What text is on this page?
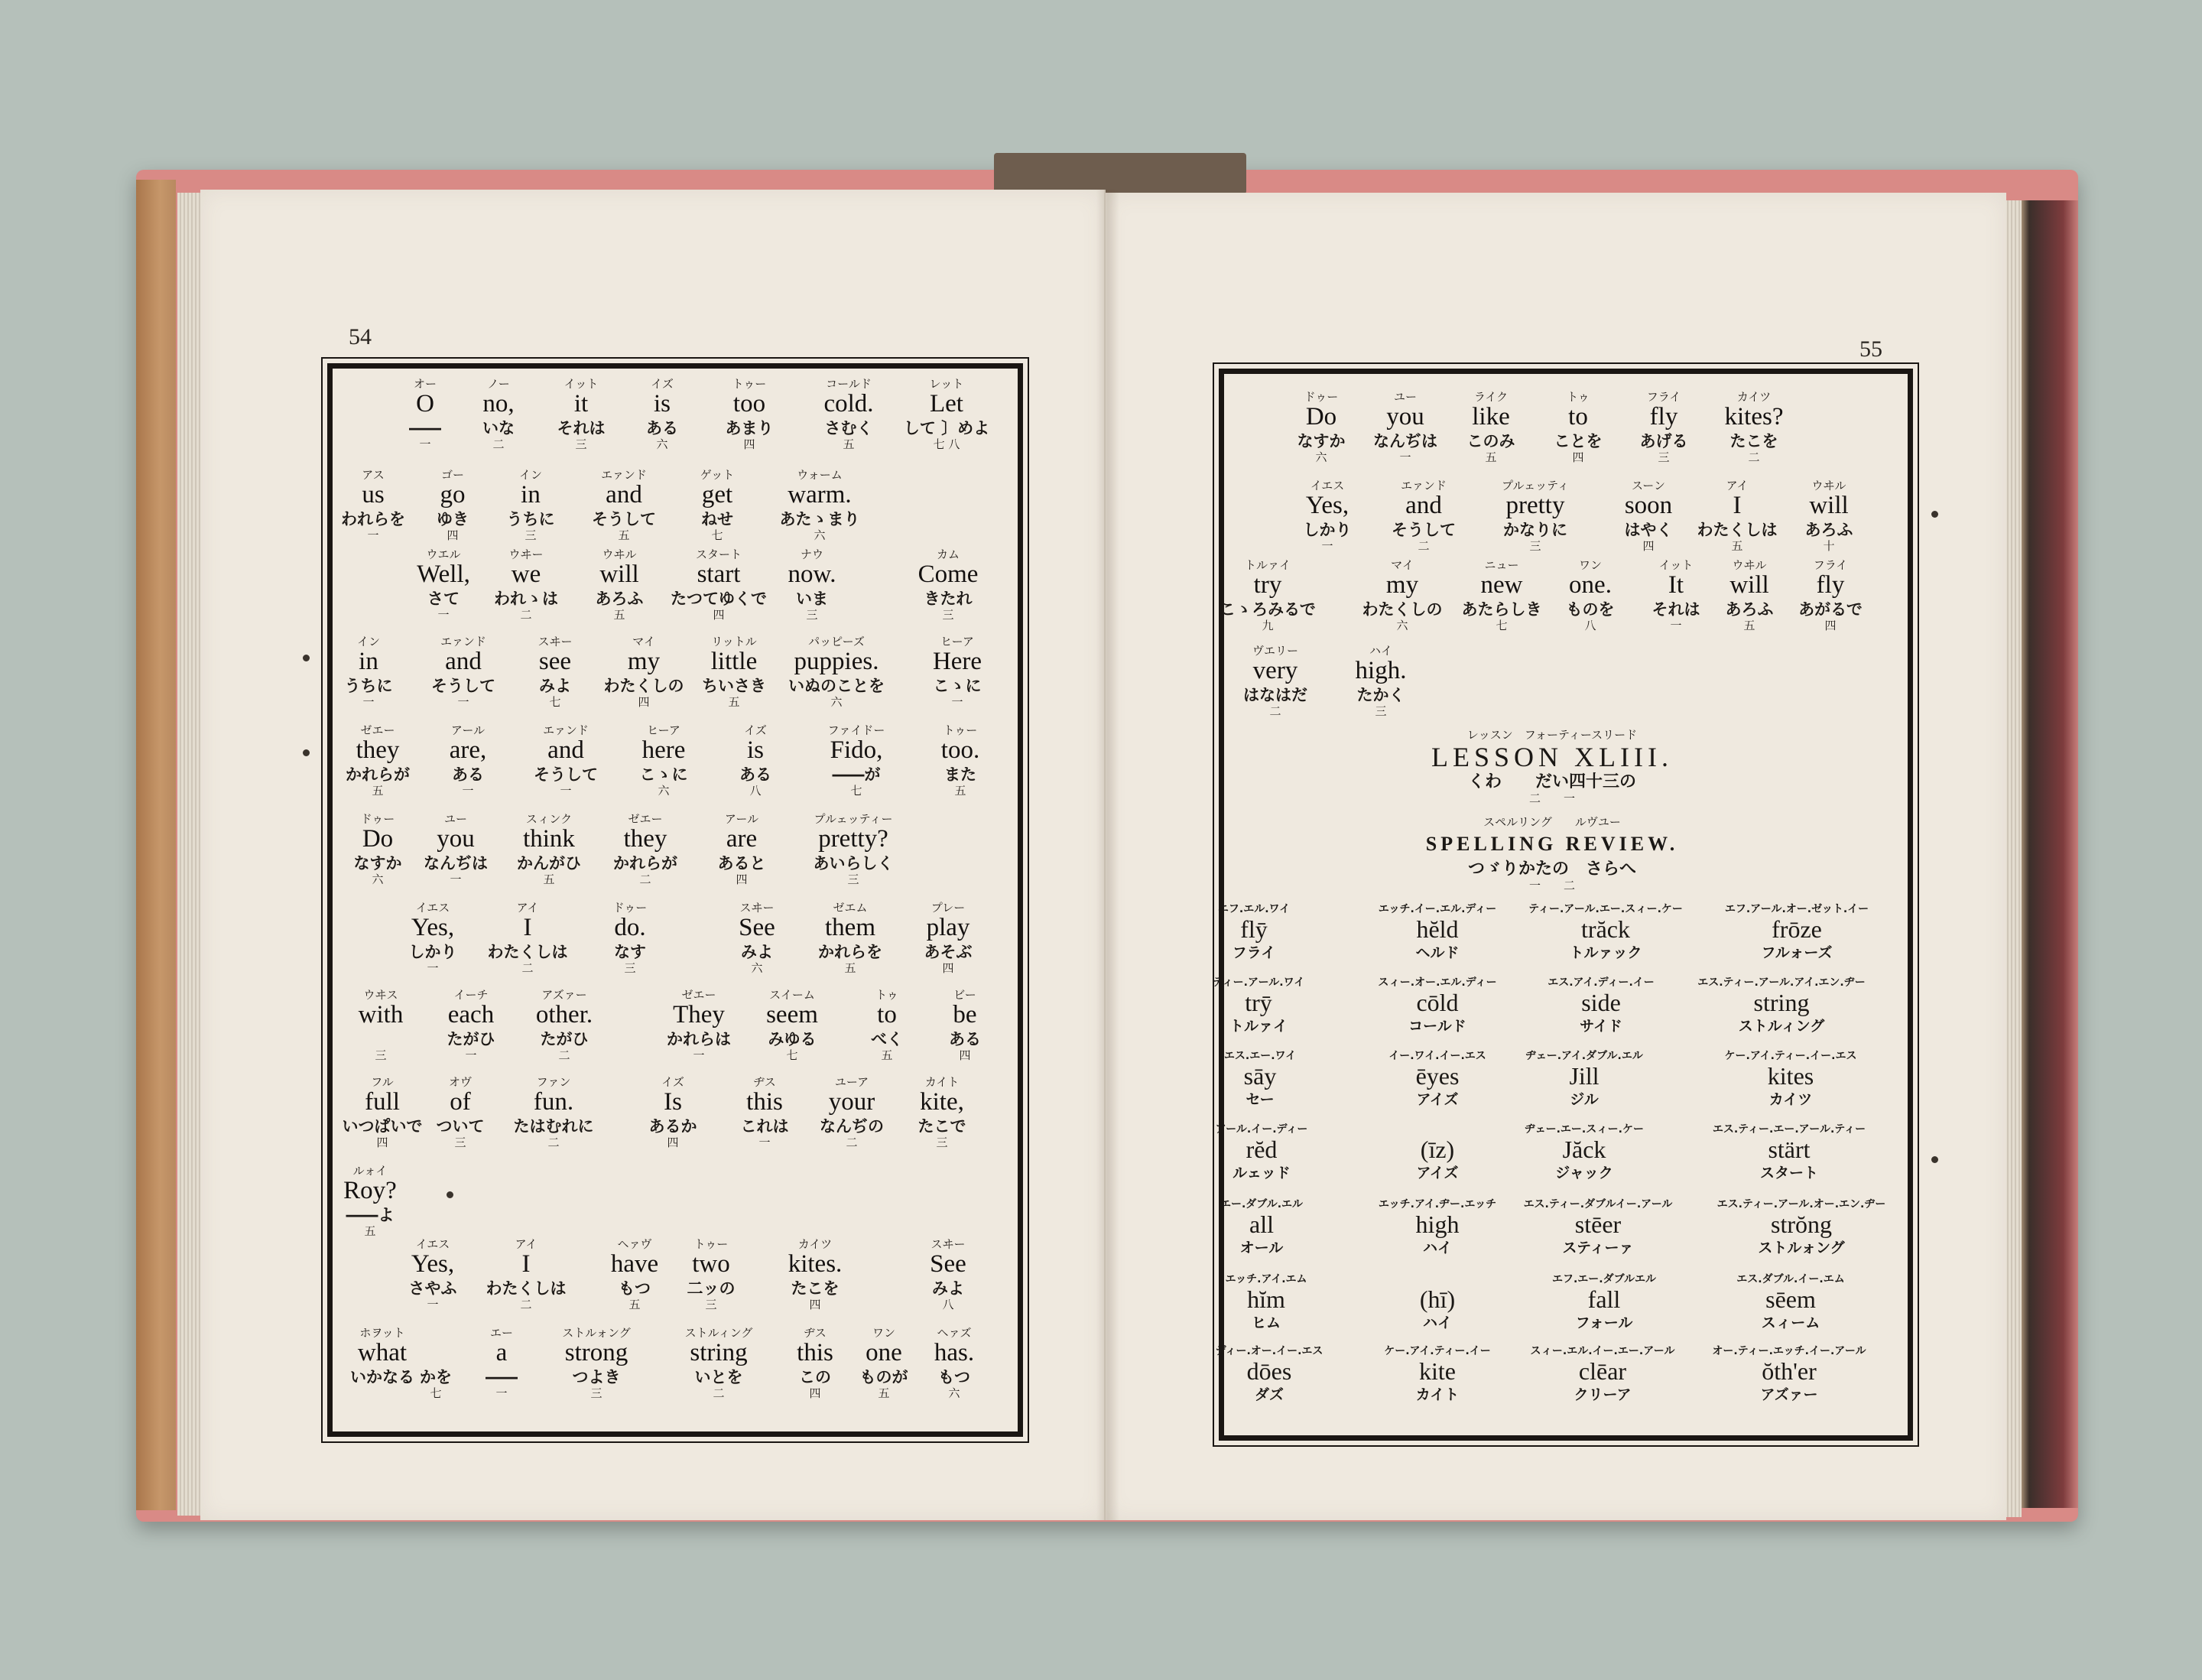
54	55
オー
O
――
一
ノー
no,
いな
二
イット
it
それは
三
イズ
is
ある
六
トゥー
too
あまり
四
コールド
cold.
さむく
五
レット
Let
して 〕めよ
七 八
アス
us
われらを
一
ゴー
go
ゆき
四
イン
in
うちに
三
エァンド
and
そうして
五
ゲット
get
ねせ
七
ウォーム
warm.
あたゝまり
六
ウエル
Well,
さて
一
ウヰー
we
われゝは
二
ウヰル
will
あろふ
五
スタート
start
たつてゆくで
四
ナウ
now.
いま
三
カム
Come
きたれ
三
イン
in
うちに
一
エァンド
and
そうして
一
スヰー
see
みよ
七
マイ
my
わたくしの
四
リットル
little
ちいさき
五
パッピーズ
puppies.
いぬのことを
六
ヒーア
Here
こゝに
一
ゼエー
they
かれらが
五
アール
are,
ある
一
エァンド
and
そうして
一
ヒーア
here
こゝに
六
イズ
is
ある
八
ファイドー
Fido,
――が
七
トゥー
too.
また
五
ドゥー
Do
なすか
六
ユー
you
なんぢは
一
スィンク
think
かんがひ
五
ゼエー
they
かれらが
二
アール
are
あると
四
プルェッティー
pretty?
あいらしく
三
イエス
Yes,
しかり
一
アイ
I
わたくしは
二
ドゥー
do.
なす
三
スヰー
See
みよ
六
ゼエム
them
かれらを
五
プレー
play
あそぶ
四
ウヰス
with
三
イーチ
each
たがひ
一
アズァー
other.
たがひ
二
ゼエー
They
かれらは
一
スイーム
seem
みゆる
七
トゥ
to
べく
五
ビー
be
ある
四
フル
full
いつぱいで
四
オヴ
of
ついて
三
ファン
fun.
たはむれに
二
イズ
Is
あるか
四
ヂス
this
これは
一
ユーア
your
なんぢの
二
カイト
kite,
たこで
三
ルォイ
Roy?
――よ
五
イエス
Yes,
さやふ
一
アイ
I
わたくしは
二
ヘァヴ
have
もつ
五
トゥー
two
二ッの
三
カイツ
kites.
たこを
四
スヰー
See
みよ
八
ホヲット
what
いかなる かを
七
エー
a
――
一
ストルォング
strong
つよき
三
ストルィング
string
いとを
二
ヂス
this
この
四
ワン
one
ものが
五
ヘァズ
has.
もつ
六
ドゥー
Do
なすか
六
ユー
you
なんぢは
一
ライク
like
このみ
五
トゥ
to
ことを
四
フライ
fly
あげる
三
カイツ
kites?
たこを
二
イエス
Yes,
しかり
一
エァンド
and
そうして
二
プルェッティ
pretty
かなりに
三
スーン
soon
はやく
四
アイ
I
わたくしは
五
ウヰル
will
あろふ
十
トルァイ
try
こゝろみるで
九
マイ
my
わたくしの
六
ニュー
new
あたらしき
七
ワン
one.
ものを
八
イット
It
それは
一
ウヰル
will
あろふ
五
フライ
fly
あがるで
四
ヴエリー
very
はなはだ
二
ハイ
high.
たかく
三
レッスン　フォーティースリード
LESSON XLIII.
くわ　　だい四十三の
二　　一
スペルリング　　ルヴユー
SPELLING REVIEW.
つゞりかたの　さらへ
一　　二
エフ.エル.ワイ
flȳ
フライ
エッチ.イー.エル.ディー
hĕld
ヘルド
ティー.アール.エー.スィー.ケー
trăck
トルァック
エフ.アール.オー.ゼット.イー
frōze
フルォーズ
ティー.アール.ワイ
trȳ
トルァイ
スィー.オー.エル.ディー
cōld
コールド
エス.アイ.ディー.イー
side
サイド
エス.ティー.アール.アイ.エン.ヂー
string
ストルィング
エス.エー.ワイ
sāy
セー
イー.ワイ.イー.エス
ēyes
アイズ
ヂェー.アイ.ダブル.エル
Jill
ジル
ケー.アイ.ティー.イー.エス
kites
カイツ
アール.イー.ディー
rĕd
ルェッド
(īz)
アイズ
ヂェー.エー.スィー.ケー
Jăck
ジャック
エス.ティー.エー.アール.ティー
stärt
スタート
エー.ダブル.エル
all
オール
エッチ.アイ.ヂー.エッチ
high
ハイ
エス.ティー.ダブルイー.アール
stēer
スティーァ
エス.ティー.アール.オー.エン.ヂー
strŏng
ストルォング
エッチ.アイ.エム
hĭm
ヒム
(hī)
ハイ
エフ.エー.ダブルエル
fall
フォール
エス.ダブル.イー.エム
sēem
スィーム
ディー.オー.イー.エス
dōes
ダズ
ケー.アイ.ティー.イー
kite
カイト
スィー.エル.イー.エー.アール
clēar
クリーア
オー.ティー.エッチ.イー.アール
ŏth'er
アズァー
